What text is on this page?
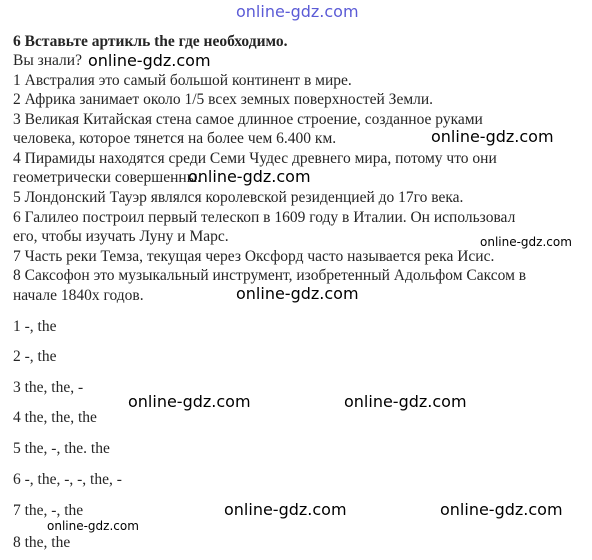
online-gdz.com
6 Вставьте артикль the где необходимо.
Вы знали?
1 Австралия это самый большой континент в мире.
2 Африка занимает около 1/5 всех земных поверхностей Земли.
3 Великая Китайская стена самое длинное строение, созданное руками
человека, которое тянется на более чем 6.400 км.
4 Пирамиды находятся среди Семи Чудес древнего мира, потому что они
геометрически совершенны.
5 Лондонский Тауэр являлся королевской резиденцией до 17го века.
6 Галилео построил первый телескоп в 1609 году в Италии. Он использовал
его, чтобы изучать Луну и Марс.
7 Часть реки Темза, текущая через Оксфорд часто называется река Исис.
8 Саксофон это музыкальный инструмент, изобретенный Адольфом Саксом в
начале 1840х годов.
1 -, the
2 -, the
3 the, the, -
4 the, the, the
5 the, -, the. the
6 -, the, -, -, the, -
7 the, -, the
8 the, the
online-gdz.com
online-gdz.com
online-gdz.com
online-gdz.com
online-gdz.com
online-gdz.com	online-gdz.com
online-gdz.com	online-gdz.com
online-gdz.com
